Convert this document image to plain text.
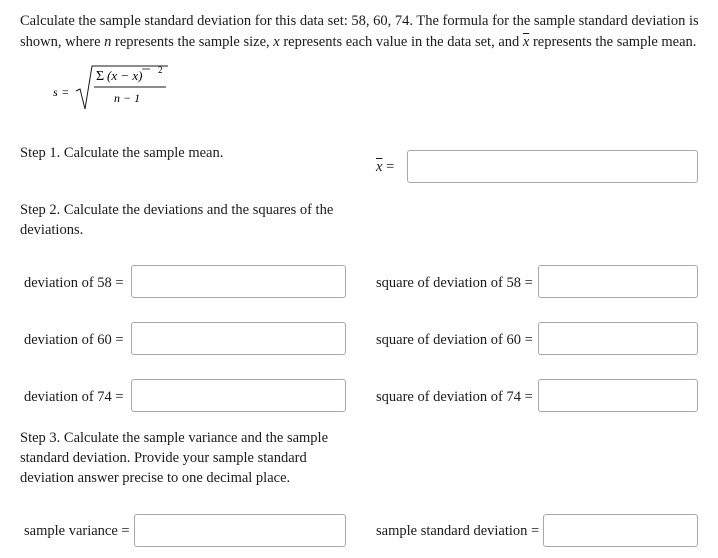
Calculate the sample standard deviation for this data set: 58, 60, 74. The formula for the sample standard deviation is shown, where n represents the sample size, x represents each value in the data set, and $\overline{x}$ represents the sample mean.
s =
Σ (x − x) 2
n − 1
Step 1. Calculate the sample mean.
$\overline{x}$ =
Step 2. Calculate the deviations and the squares of the deviations.
deviation of 58 =	square of deviation of 58 =
deviation of 60 =	square of deviation of 60 =
deviation of 74 =	square of deviation of 74 =
Step 3. Calculate the sample variance and the sample standard deviation. Provide your sample standard deviation answer precise to one decimal place.
sample variance =	sample standard deviation =
